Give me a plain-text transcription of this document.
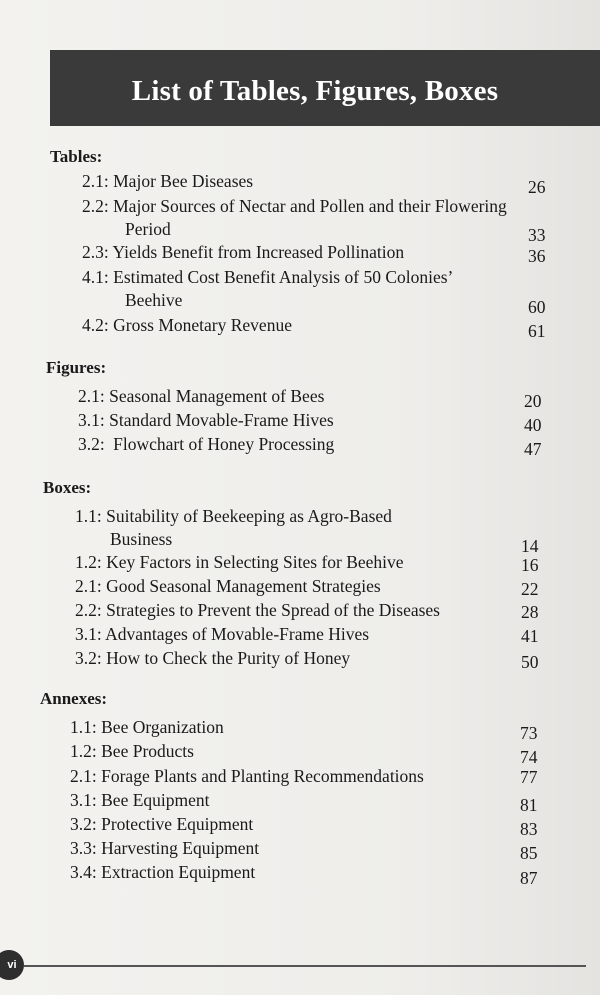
List of Tables, Figures, Boxes
Tables:
2.1: Major Bee Diseases	26
2.2: Major Sources of Nectar and Pollen and their Flowering
Period	33
2.3: Yields Benefit from Increased Pollination	36
4.1: Estimated Cost Benefit Analysis of 50 Colonies’
Beehive	60
4.2: Gross Monetary Revenue	61
Figures:
2.1: Seasonal Management of Bees	20
3.1: Standard Movable-Frame Hives	40
3.2: Flowchart of Honey Processing	47
Boxes:
1.1: Suitability of Beekeeping as Agro-Based
Business	14
1.2: Key Factors in Selecting Sites for Beehive	16
2.1: Good Seasonal Management Strategies	22
2.2: Strategies to Prevent the Spread of the Diseases	28
3.1: Advantages of Movable-Frame Hives	41
3.2: How to Check the Purity of Honey	50
Annexes:
1.1: Bee Organization	73
1.2: Bee Products	74
2.1: Forage Plants and Planting Recommendations	77
3.1: Bee Equipment	81
3.2: Protective Equipment	83
3.3: Harvesting Equipment	85
3.4: Extraction Equipment	87
vi
